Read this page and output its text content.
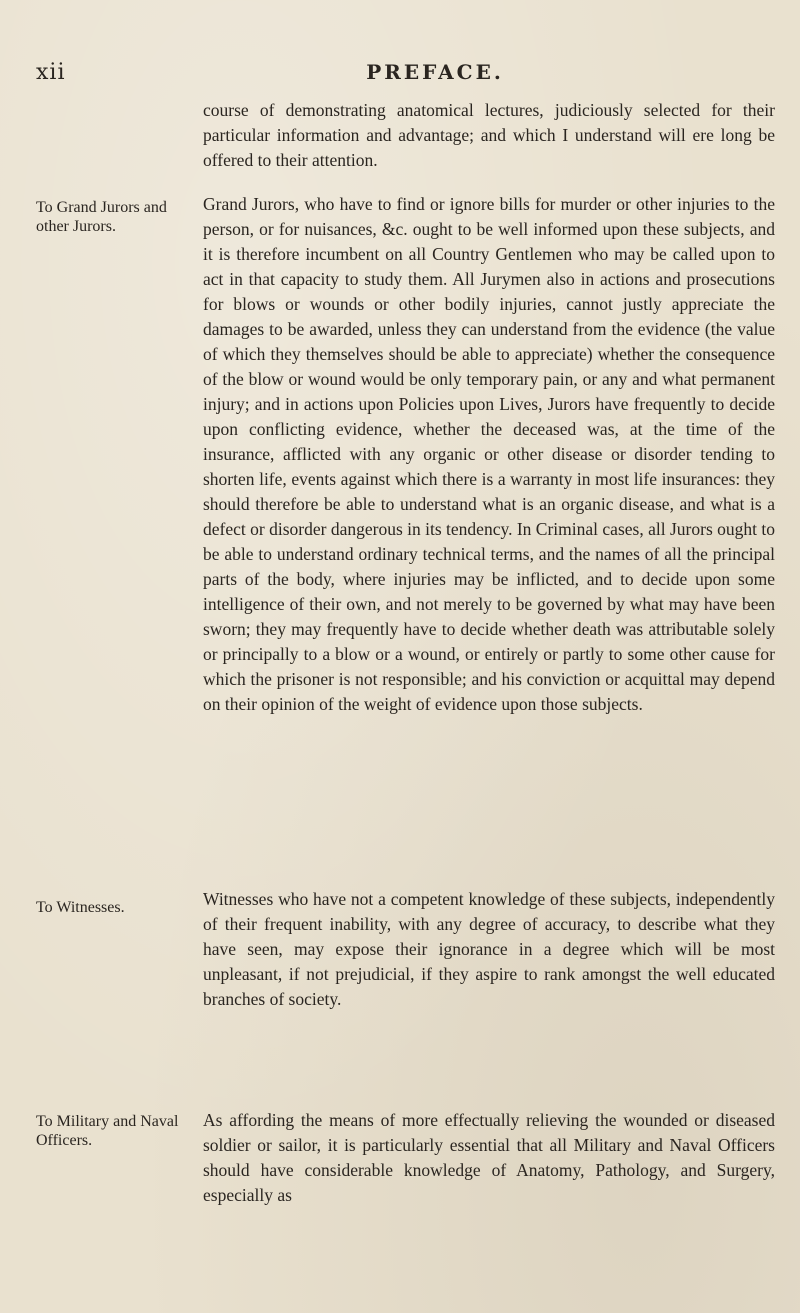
xii	PREFACE.

course of demonstrating anatomical lectures, judiciously selected for their particular information and advantage; and which I understand will ere long be offered to their attention.

To Grand Jurors and other Jurors.

Grand Jurors, who have to find or ignore bills for murder or other injuries to the person, or for nuisances, &c. ought to be well informed upon these subjects, and it is therefore incumbent on all Country Gentlemen who may be called upon to act in that capacity to study them. All Jurymen also in actions and prosecutions for blows or wounds or other bodily injuries, cannot justly appreciate the damages to be awarded, unless they can understand from the evidence (the value of which they themselves should be able to appreciate) whether the consequence of the blow or wound would be only temporary pain, or any and what permanent injury; and in actions upon Policies upon Lives, Jurors have frequently to decide upon conflicting evidence, whether the deceased was, at the time of the insurance, afflicted with any organic or other disease or disorder tending to shorten life, events against which there is a warranty in most life insurances: they should therefore be able to understand what is an organic disease, and what is a defect or disorder dangerous in its tendency. In Criminal cases, all Jurors ought to be able to understand ordinary technical terms, and the names of all the principal parts of the body, where injuries may be inflicted, and to decide upon some intelligence of their own, and not merely to be governed by what may have been sworn; they may frequently have to decide whether death was attributable solely or principally to a blow or a wound, or entirely or partly to some other cause for which the prisoner is not responsible; and his conviction or acquittal may depend on their opinion of the weight of evidence upon those subjects.

To Witnesses.	Witnesses who have not a competent knowledge of these subjects, independently of their frequent inability, with any degree of accuracy, to describe what they have seen, may expose their ignorance in a degree which will be most unpleasant, if not prejudicial, if they aspire to rank amongst the well educated branches of society.

To Military and Naval Officers.

As affording the means of more effectually relieving the wounded or diseased soldier or sailor, it is particularly essential that all Military and Naval Officers should have considerable knowledge of Anatomy, Pathology, and Surgery, especially as
